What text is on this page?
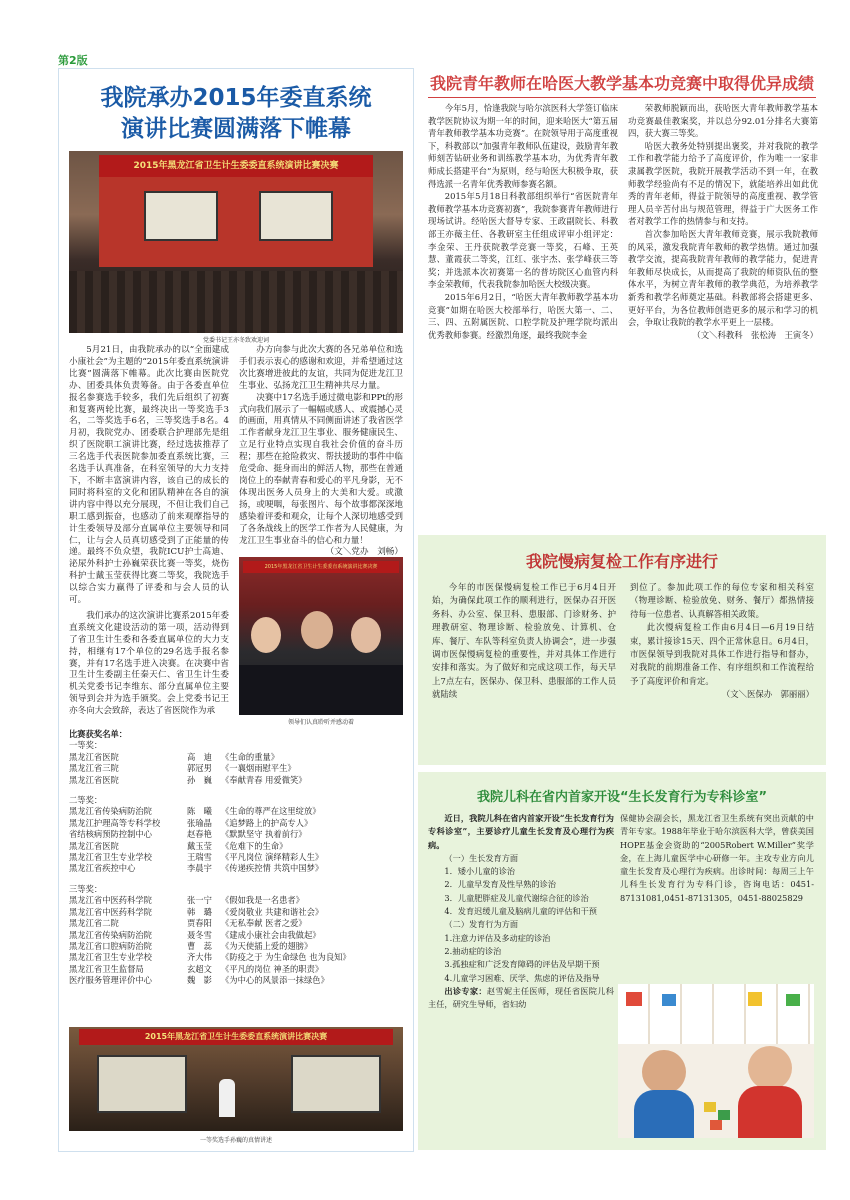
第2版
我院承办2015年委直系统
演讲比赛圆满落下帷幕
2015年黑龙江省卫生计生委委直系统演讲比赛决赛
党委书记王亦冬致欢迎词

5月21日，由我院承办的以“全面建成小康社会”为主题的“2015年委直系统演讲比赛”圆满落下帷幕。此次比赛由医院党办、团委具体负责筹备。由于各委直单位报名参赛选手较多，我们先后组织了初赛和复赛两轮比赛，最终决出一等奖选手3名，二等奖选手6名，三等奖选手8名。4月初，我院党办、团委联合护理部先是组织了医院职工演讲比赛，经过选拔推荐了三名选手代表医院参加委直系统比赛，三名选手认真准备，在科室领导的大力支持下，不断丰富演讲内容，该自己的成长的同时将科室的文化和团队精神在各自的演讲内容中得以充分展现，不但让我们自己职工感到振奋，也感动了前来观摩指导的计生委领导及部分直属单位主要领导和同仁，让与会人员真切感受到了正能量的传递。最终不负众望，我院ICU护士高迪、泌尿外科护士孙巍荣获比赛一等奖，烧伤科护士戴玉莹获得比赛二等奖，我院选手以综合实力赢得了评委和与会人员的认可。

我们承办的这次演讲比赛系2015年委直系统文化建设活动的第一项，活动得到了省卫生计生委和各委直属单位的大力支持，相继有17个单位的29名选手报名参赛，并有17名选手进入决赛。在决赛中省卫生计生委副主任秦天仁、省卫生计生委机关党委书记李维东、部分直属单位主要领导到会并为选手颁奖。会上党委书记王亦冬向大会致辞，表达了省医院作为承

办方向参与此次大赛的各兄弟单位和选手们表示衷心的感谢和欢迎，并希望通过这次比赛增进彼此的友谊，共同为促进龙江卫生事业、弘扬龙江卫生精神共尽力量。

决赛中17名选手通过微电影和PPt的形式向我们展示了一幅幅或感人、或震撼心灵的画面，用真情从不同侧面讲述了我省医学工作者献身龙江卫生事业、服务健康民生、立足行业特点实现自我社会价值的奋斗历程；那些在抢险救灾、帮扶援助的事件中临危受命、挺身而出的鲜活人物，那些在普通岗位上的奉献青春和爱心的平凡身影，无不体现出医务人员身上的大美和大爱。或激扬，或哽咽，每张图片、每个故事都深深地感染着评委和观众，让每个人深切地感受到了各条战线上的医学工作者为人民健康，为龙江卫生事业奋斗的信心和力量！

（文＼党办　刘畅）

2015年黑龙江省卫生计生委委直系统演讲比赛决赛
领导们认真聆听并感动着
比赛获奖名单：
一等奖：
黑龙江省医院	高　迪 《生命的重量》
黑龙江省三院	郭冠男 《一襄烟雨慰平生》
黑龙江省医院	孙　巍 《奉献青春 用爱微笑》
二等奖：
黑龙江省传染病防治院	陈　曦 《生命的尊严在这里绽放》
黑龙江护理高等专科学校	张瑜晶 《追梦路上的护高专人》
省结核病预防控制中心	赵春艳 《默默坚守 执着前行》
黑龙江省医院	戴玉莹 《危难下的生命》
黑龙江省卫生专业学校	王瑞雪 《平凡岗位 演绎精彩人生》
黑龙江省疾控中心	李晨宇 《传递疾控情 共筑中国梦》
三等奖：
黑龙江省中医药科学院	张一宁 《假如我是一名患者》
黑龙江省中医药科学院	韩　璐 《爱岗敬业 共建和谐社会》
黑龙江省二院	贾春阳 《无私奉献 医者之爱》
黑龙江省传染病防治院	聂冬雪 《建成小康社会由我做起》
黑龙江省口腔病防治院	曹　蕊 《为天使插上爱的翅膀》
黑龙江省卫生专业学校	齐大伟 《防疫之于 为生命绿色 也为良知》
黑龙江省卫生监督局	玄超文 《平凡的岗位 神圣的职责》
医疗服务管理评价中心	魏　影 《为中心的风景添一抹绿色》
2015年黑龙江省卫生计生委委直系统演讲比赛决赛
一等奖选手孙巍的真情讲述
我院青年教师在哈医大教学基本功竞赛中取得优异成绩

今年5月，恰逢我院与哈尔滨医科大学签订临床教学医院协议为期一年的时间，迎来哈医大“第五届青年教师教学基本功竞赛”。在院领导用于高度重视下，科教部以“加强青年教师队伍建设，鼓励青年教师刻苦钻研业务和训练教学基本功，为优秀青年教师成长搭建平台”为原则，经与哈医大积极争取，获得选派一名青年优秀教师参赛名额。

2015年5月18日科教部组织举行“省医院青年教师教学基本功竞赛初赛”，我院参赛青年教师进行现场试讲。经哈医大督导专家、王政副院长、科教部王亦薇主任、各教研室主任组成评审小组评定：李金荣、王丹获院教学竞赛一等奖，石峰、王英慧、董霞获二等奖，江红、张宇杰、张学峰获三等奖；并选派本次初赛第一名的普坊院区心血管内科李金荣教师，代表我院参加哈医大校级决赛。

2015年6月2日，“哈医大青年教师教学基本功竞赛”如期在哈医大校部举行，哈医大第一、二、三、四、五附属医院、口腔学院及护理学院均派出优秀教师参赛。经激烈角逐，最终我院李金

荣教师脱颖而出，获哈医大青年教师教学基本功竞赛最佳教案奖，并以总分92.01分排名大赛第四，获大赛三等奖。

哈医大教务处特别提出褒奖，并对我院的教学工作和教学能力给予了高度评价，作为唯一一家非隶属教学医院，我院开展教学活动不到一年，在教师教学经验尚有不足的情况下，就能培养出如此优秀的青年老师，得益于院领导的高度重视、教学管理人员辛苦付出与规范管理，得益于广大医务工作者对教学工作的热情参与和支持。

首次参加哈医大青年教师竞赛，展示我院教师的风采，激发我院青年教师的教学热情。通过加强教学交流，提高我院青年教师的教学能力，促进青年教师尽快成长，从而提高了我院的师资队伍的整体水平，为树立青年教师的教学典范，为培养教学新秀和教学名师奠定基础。科教部将会搭建更多、更好平台，为各位教师创造更多的展示和学习的机会，争取让我院的教学水平更上一层楼。

（文＼科教科　张松涛　王寅冬）

我院慢病复检工作有序进行

今年的市医保慢病复检工作已于6月4日开始，为确保此项工作的顺利进行，医保办召开医务科、办公室、保卫科、患服部、门诊财务、护理教研室、物理诊断、检验放免、计算机、仓库、餐厅、车队等科室负责人协调会”，进一步强调市医保慢病复检的重要性，并对具体工作进行安排和落实。为了做好和完成这项工作，每天早上7点左右，医保办、保卫科、患服部的工作人员就陆续

到位了。参加此项工作的每位专家和相关科室（物理诊断、检验放免、财务、餐厅）都热情接待每一位患者、认真解答相关政策。

此次慢病复检工作由6月4日—6月19日结束，累计接诊15天、四个正常休息日。6月4日，市医保领导到我院对具体工作进行指导和督办，对我院的前期准备工作、有序组织和工作流程给予了高度评价和肯定。

（文＼医保办　郭丽丽）

我院儿科在省内首家开设“生长发育行为专科诊室”

近日，我院儿科在省内首家开设“生长发育行为专科诊室”，主要诊疗儿童生长发育及心理行为疾病。

（一）生长发育方面

1．矮小儿童的诊治

2．儿童早发育及性早熟的诊治

3．儿童肥胖症及儿童代谢综合征的诊治

4．发育迟缓儿童及脑病儿童的评估和干预

（二）发育行为方面

1.注意力评估及多动症的诊治

2.抽动症的诊治

3.孤独症和广泛发育障碍的评估及早期干预

4.儿童学习困难、厌学、焦虑的评估及指导

出诊专家：赵雪妮主任医师，现任省医院儿科主任，研究生导师，省妇幼

保健协会副会长，黑龙江省卫生系统有突出贡献的中青年专家。1988年毕业于哈尔滨医科大学，曾获美国HOPE基金会资助的“2005Robert W.Miller”奖学金，在上海儿童医学中心研修一年。主攻专业方向儿童生长发育及心理行为疾病。出诊时间：每周三上午儿科生长发育行为专科门诊，咨询电话：0451-87131081,0451-87131305，0451-88025829
